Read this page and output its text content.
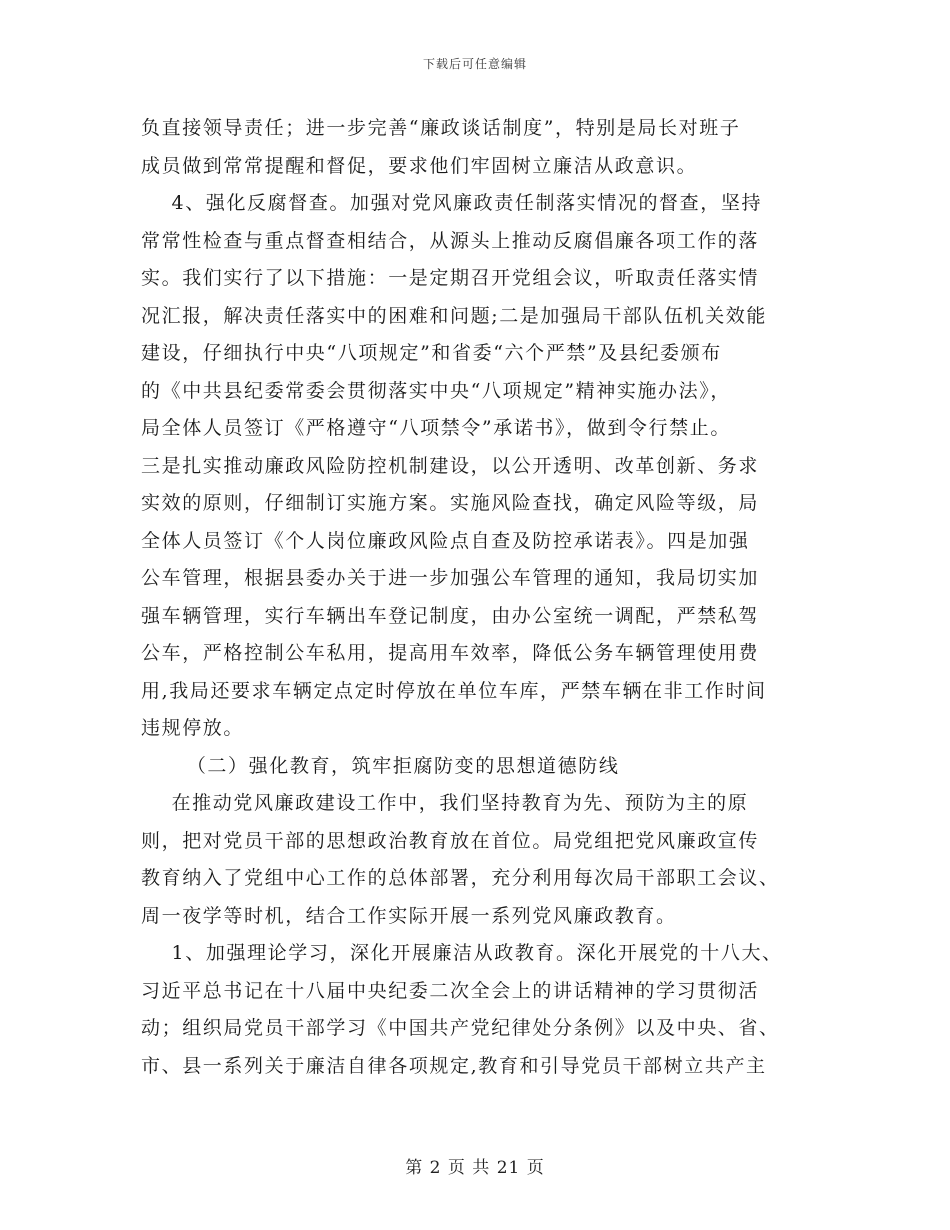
下载后可任意编辑
负直接领导责任；进一步完善“廉政谈话制度”，特别是局长对班子
成员做到常常提醒和督促，要求他们牢固树立廉洁从政意识。
4、强化反腐督查。加强对党风廉政责任制落实情况的督查，坚持
常常性检查与重点督查相结合，从源头上推动反腐倡廉各项工作的落
实。我们实行了以下措施：一是定期召开党组会议，听取责任落实情
况汇报，解决责任落实中的困难和问题;二是加强局干部队伍机关效能
建设，仔细执行中央“八项规定”和省委“六个严禁”及县纪委颁布
的《中共县纪委常委会贯彻落实中央“八项规定”精神实施办法》，
局全体人员签订《严格遵守“八项禁令”承诺书》，做到令行禁止。
三是扎实推动廉政风险防控机制建设，以公开透明、改革创新、务求
实效的原则，仔细制订实施方案。实施风险查找，确定风险等级，局
全体人员签订《个人岗位廉政风险点自查及防控承诺表》。四是加强
公车管理，根据县委办关于进一步加强公车管理的通知，我局切实加
强车辆管理，实行车辆出车登记制度，由办公室统一调配，严禁私驾
公车，严格控制公车私用，提高用车效率，降低公务车辆管理使用费
用,我局还要求车辆定点定时停放在单位车库，严禁车辆在非工作时间
违规停放。
（二）强化教育，筑牢拒腐防变的思想道德防线
在推动党风廉政建设工作中，我们坚持教育为先、预防为主的原
则，把对党员干部的思想政治教育放在首位。局党组把党风廉政宣传
教育纳入了党组中心工作的总体部署，充分利用每次局干部职工会议、
周一夜学等时机，结合工作实际开展一系列党风廉政教育。
1、加强理论学习，深化开展廉洁从政教育。深化开展党的十八大、
习近平总书记在十八届中央纪委二次全会上的讲话精神的学习贯彻活
动；组织局党员干部学习《中国共产党纪律处分条例》以及中央、省、
市、县一系列关于廉洁自律各项规定,教育和引导党员干部树立共产主
第 2 页 共 21 页
